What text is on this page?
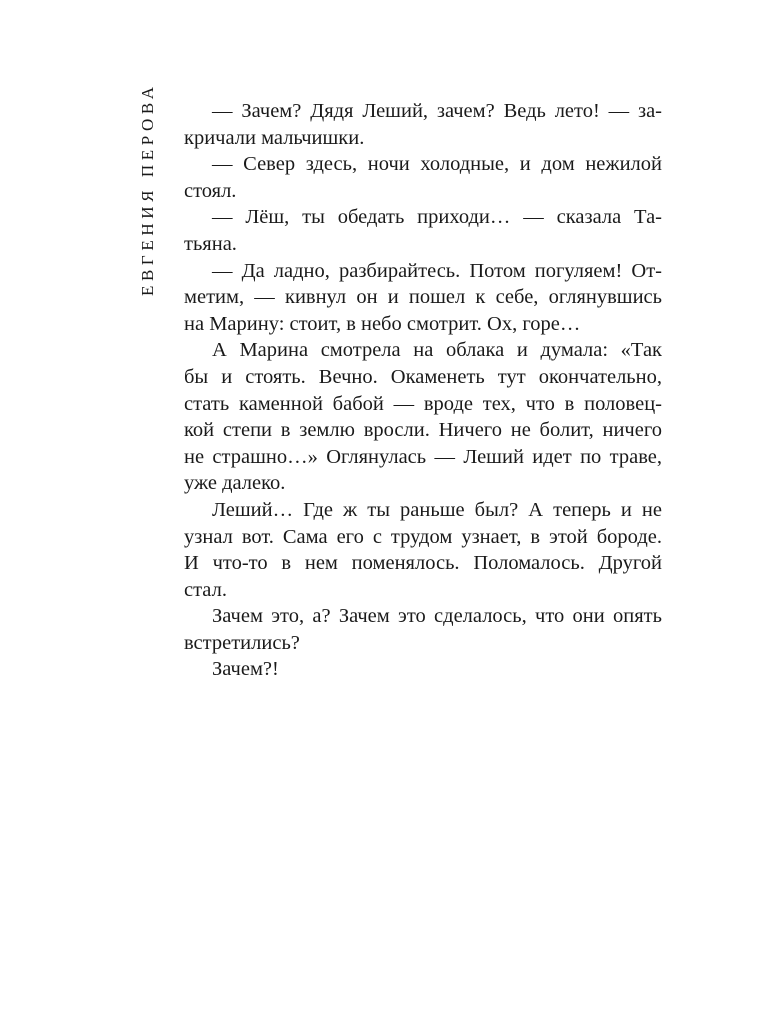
ЕВГЕНИЯ ПЕРОВА	— Зачем? Дядя Леший, зачем? Ведь лето! — за-
кричали мальчишки.
— Север здесь, ночи холодные, и дом нежилой
стоял.
— Лёш, ты обедать приходи… — сказала Та-
тьяна.
— Да ладно, разбирайтесь. Потом погуляем! От-
метим, — кивнул он и пошел к себе, оглянувшись
на Марину: стоит, в небо смотрит. Ох, горе…
А Марина смотрела на облака и думала: «Так
бы и стоять. Вечно. Окаменеть тут окончательно,
стать каменной бабой — вроде тех, что в половец-
кой степи в землю вросли. Ничего не болит, ничего
не страшно…» Оглянулась — Леший идет по траве,
уже далеко.
Леший… Где ж ты раньше был? А теперь и не
узнал вот. Сама его с трудом узнает, в этой бороде.
И что-то в нем поменялось. Поломалось. Другой
стал.
Зачем это, а? Зачем это сделалось, что они опять
встретились?
Зачем?!
